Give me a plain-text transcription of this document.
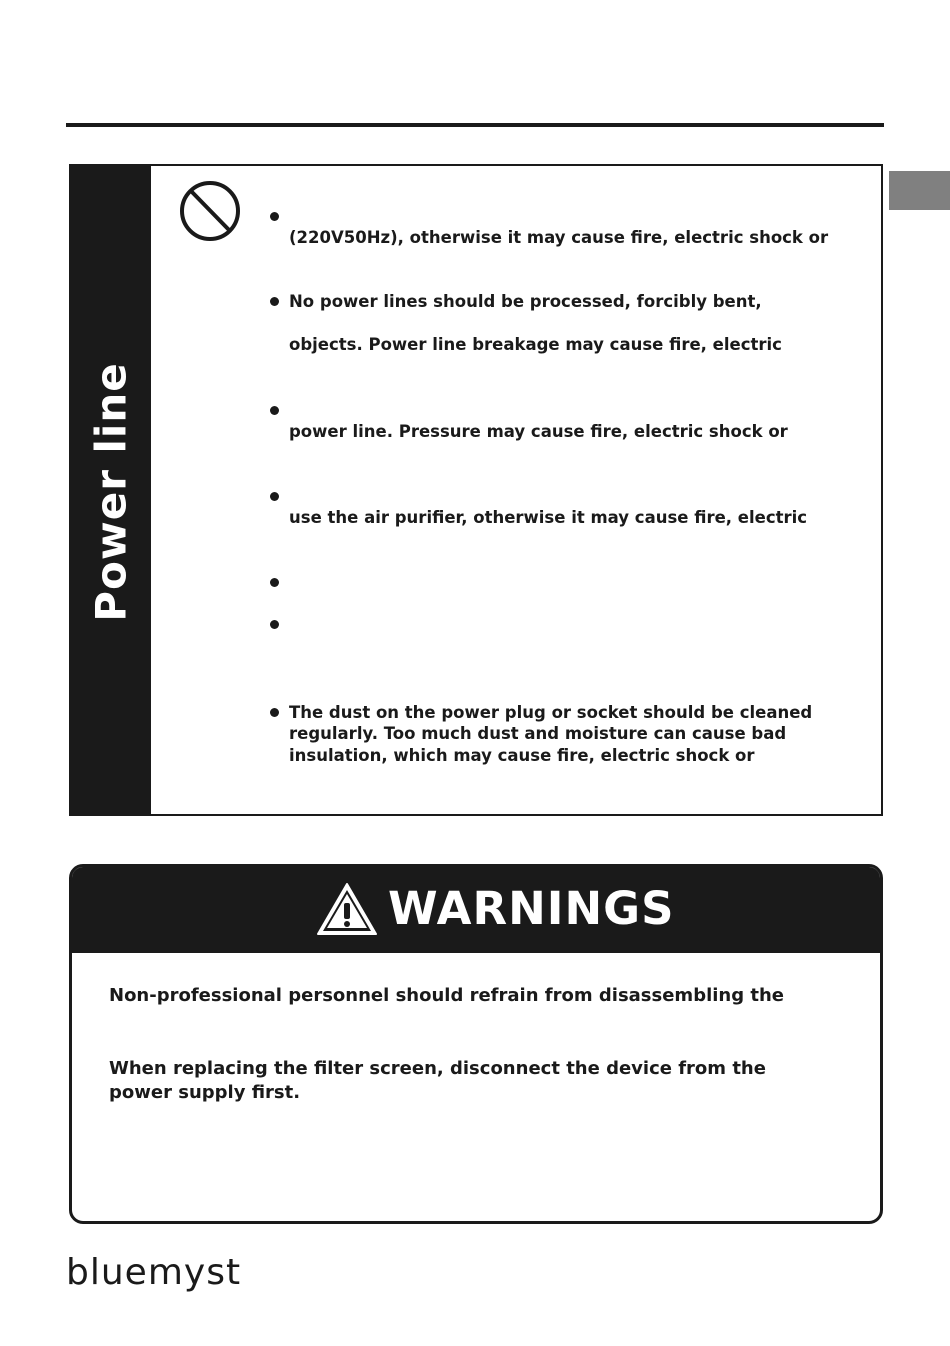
Power line
(220V50Hz), otherwise it may cause fire, electric shock or
No power lines should be processed, forcibly bent,
objects. Power line breakage may cause fire, electric
power line. Pressure may cause fire, electric shock or
use the air purifier, otherwise it may cause fire, electric
The dust on the power plug or socket should be cleaned
regularly. Too much dust and moisture can cause bad
insulation, which may cause fire, electric shock or
WARNINGS
Non-professional personnel should refrain from disassembling the
When replacing the filter screen, disconnect the device from the
power supply first.
bluemyst
